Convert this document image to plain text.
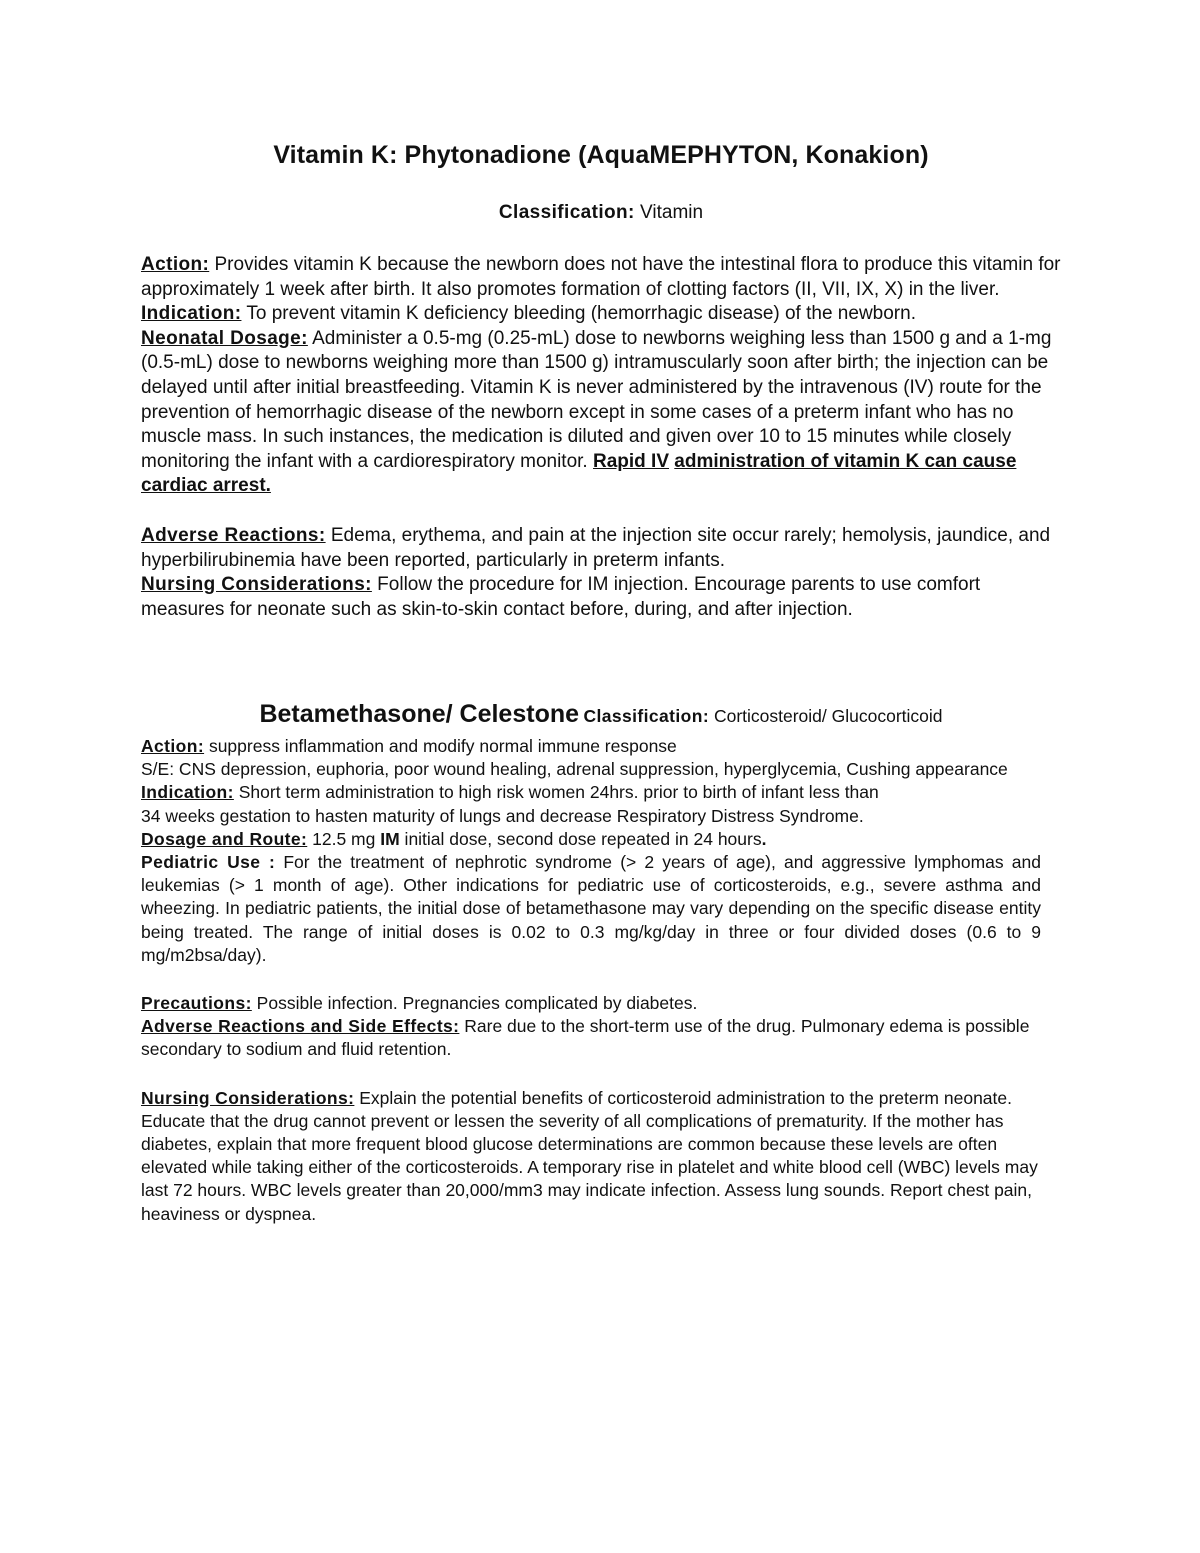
Vitamin K: Phytonadione (AquaMEPHYTON, Konakion)
Classification: Vitamin

Action: Provides vitamin K because the newborn does not have the intestinal flora to produce this vitamin for approximately 1 week after birth. It also promotes formation of clotting factors (II, VII, IX, X) in the liver.

Indication: To prevent vitamin K deficiency bleeding (hemorrhagic disease) of the newborn.

Neonatal Dosage: Administer a 0.5-mg (0.25-mL) dose to newborns weighing less than 1500 g and a 1-mg (0.5-mL) dose to newborns weighing more than 1500 g) intramuscularly soon after birth; the injection can be delayed until after initial breastfeeding. Vitamin K is never administered by the intravenous (IV) route for the prevention of hemorrhagic disease of the newborn except in some cases of a preterm infant who has no muscle mass. In such instances, the medication is diluted and given over 10 to 15 minutes while closely monitoring the infant with a cardiorespiratory monitor. Rapid IV administration of vitamin K can cause cardiac arrest.

Adverse Reactions: Edema, erythema, and pain at the injection site occur rarely; hemolysis, jaundice, and hyperbilirubinemia have been reported, particularly in preterm infants.

Nursing Considerations: Follow the procedure for IM injection. Encourage parents to use comfort measures for neonate such as skin-to-skin contact before, during, and after injection.

Betamethasone/ Celestone Classification: Corticosteroid/ Glucocorticoid

Action: suppress inflammation and modify normal immune response

S/E: CNS depression, euphoria, poor wound healing, adrenal suppression, hyperglycemia, Cushing appearance

Indication: Short term administration to high risk women 24hrs. prior to birth of infant less than
34 weeks gestation to hasten maturity of lungs and decrease Respiratory Distress Syndrome.

Dosage and Route: 12.5 mg IM initial dose, second dose repeated in 24 hours.

Pediatric Use : For the treatment of nephrotic syndrome (> 2 years of age), and aggressive lymphomas and leukemias (> 1 month of age). Other indications for pediatric use of corticosteroids, e.g., severe asthma and wheezing. In pediatric patients, the initial dose of betamethasone may vary depending on the specific disease entity being treated. The range of initial doses is 0.02 to 0.3 mg/kg/day in three or four divided doses (0.6 to 9 mg/m2bsa/day).

Precautions: Possible infection. Pregnancies complicated by diabetes.

Adverse Reactions and Side Effects: Rare due to the short-term use of the drug. Pulmonary edema is possible secondary to sodium and fluid retention.

Nursing Considerations: Explain the potential benefits of corticosteroid administration to the preterm neonate. Educate that the drug cannot prevent or lessen the severity of all complications of prematurity. If the mother has diabetes, explain that more frequent blood glucose determinations are common because these levels are often elevated while taking either of the corticosteroids. A temporary rise in platelet and white blood cell (WBC) levels may last 72 hours. WBC levels greater than 20,000/mm3 may indicate infection. Assess lung sounds. Report chest pain, heaviness or dyspnea.
